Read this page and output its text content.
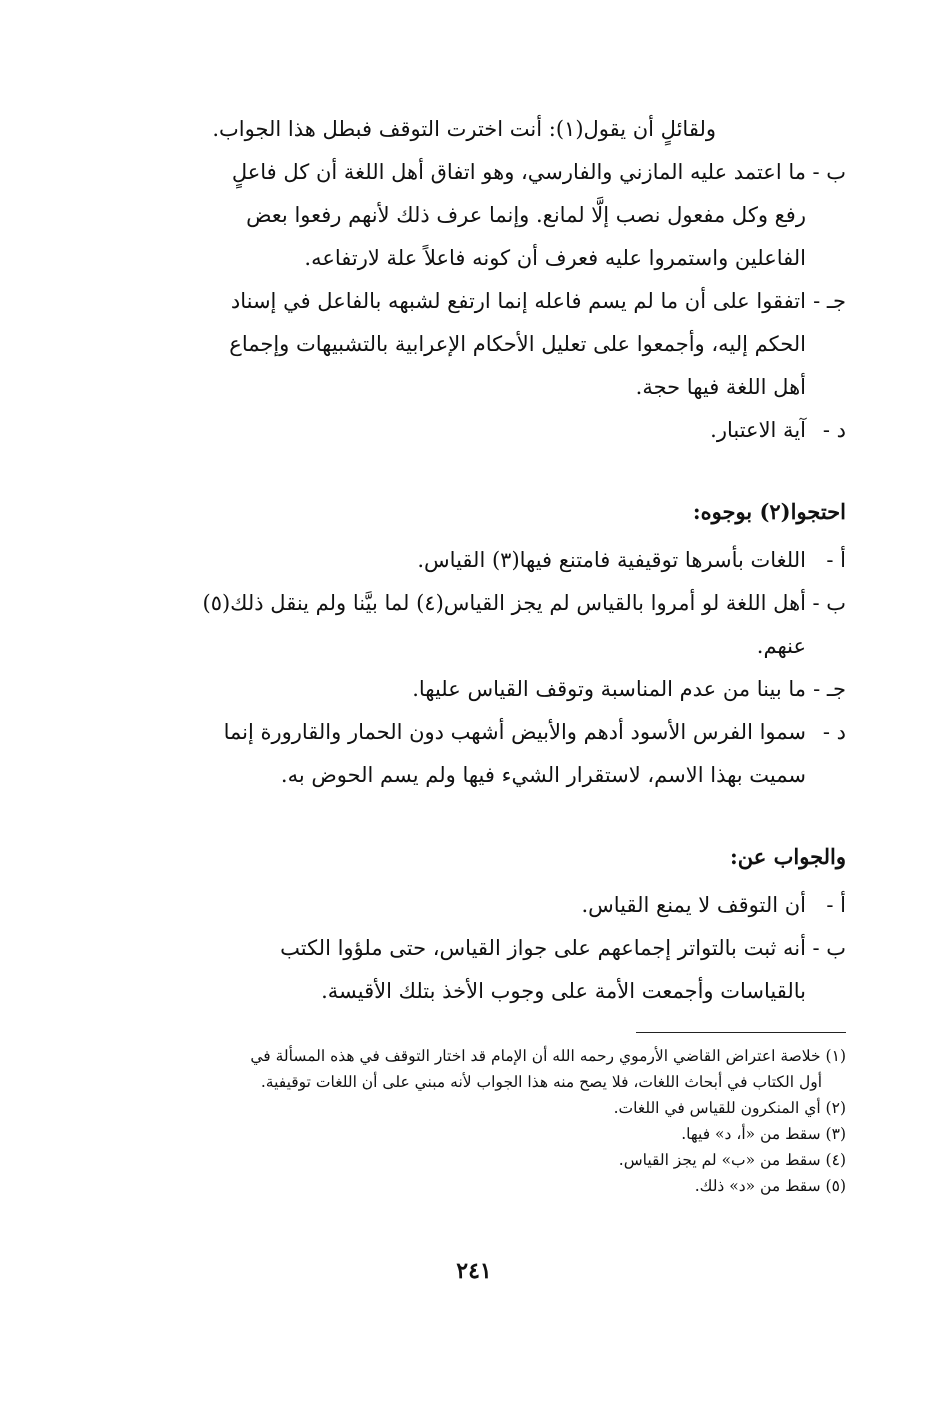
ولقائلٍ أن يقول(١): أنت اخترت التوقف فبطل هذا الجواب.
ب -
ما اعتمد عليه المازني والفارسي، وهو اتفاق أهل اللغة أن كل فاعلٍ
رفع وكل مفعول نصب إلَّا لمانع. وإنما عرف ذلك لأنهم رفعوا بعض
الفاعلين واستمروا عليه فعرف أن كونه فاعلاً علة لارتفاعه.
جـ -
اتفقوا على أن ما لم يسم فاعله إنما ارتفع لشبهه بالفاعل في إسناد
الحكم إليه، وأجمعوا على تعليل الأحكام الإعرابية بالتشبيهات وإجماع
أهل اللغة فيها حجة.
د -
آية الاعتبار.
احتجوا(٢) بوجوه:
أ -
اللغات بأسرها توقيفية فامتنع فيها(٣) القياس.
ب -
أهل اللغة لو أمروا بالقياس لم يجز القياس(٤) لما بيَّنا ولم ينقل ذلك(٥)
عنهم.
جـ -
ما بينا من عدم المناسبة وتوقف القياس عليها.
د -
سموا الفرس الأسود أدهم والأبيض أشهب دون الحمار والقارورة إنما
سميت بهذا الاسم، لاستقرار الشيء فيها ولم يسم الحوض به.
والجواب عن:
أ -
أن التوقف لا يمنع القياس.
ب -
أنه ثبت بالتواتر إجماعهم على جواز القياس، حتى ملؤوا الكتب
بالقياسات وأجمعت الأمة على وجوب الأخذ بتلك الأقيسة.
(١) خلاصة اعتراض القاضي الأرموي رحمه الله أن الإمام قد اختار التوقف في هذه المسألة في
أول الكتاب في أبحاث اللغات، فلا يصح منه هذا الجواب لأنه مبني على أن اللغات توقيفية.
(٢) أي المنكرون للقياس في اللغات.
(٣) سقط من «أ، د» فيها.
(٤) سقط من «ب» لم يجز القياس.
(٥) سقط من «د» ذلك.
٢٤١
